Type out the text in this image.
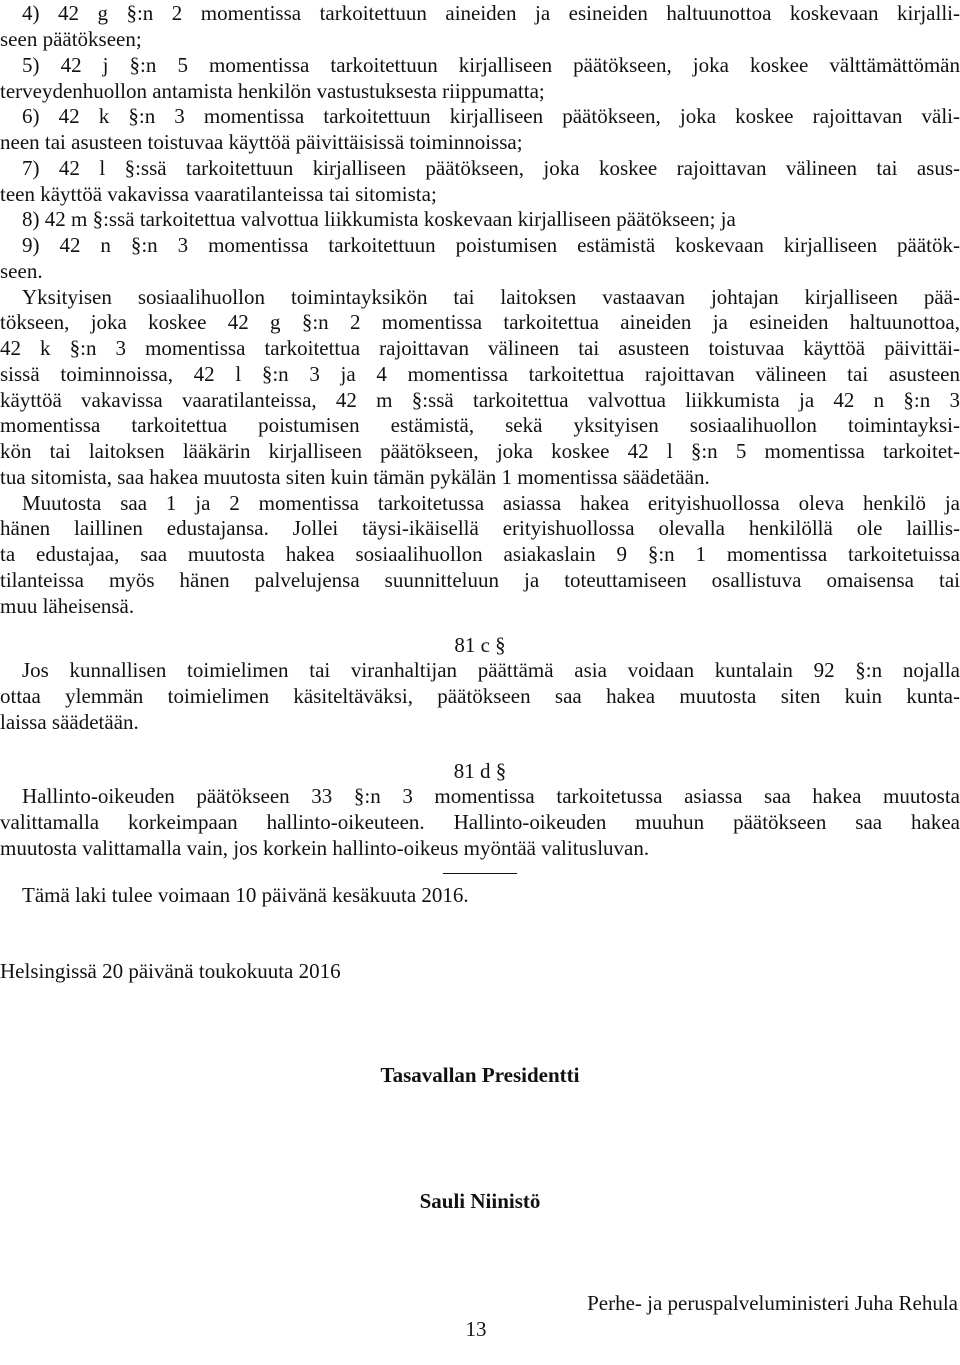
4) 42 g §:n 2 momentissa tarkoitettuun aineiden ja esineiden haltuunottoa koskevaan kirjalli-

seen päätökseen;

5) 42 j §:n 5 momentissa tarkoitettuun kirjalliseen päätökseen, joka koskee välttämättömän

terveydenhuollon antamista henkilön vastustuksesta riippumatta;

6) 42 k §:n 3 momentissa tarkoitettuun kirjalliseen päätökseen, joka koskee rajoittavan väli-

neen tai asusteen toistuvaa käyttöä päivittäisissä toiminnoissa;

7) 42 l §:ssä tarkoitettuun kirjalliseen päätökseen, joka koskee rajoittavan välineen tai asus-

teen käyttöä vakavissa vaaratilanteissa tai sitomista;

8) 42 m §:ssä tarkoitettua valvottua liikkumista koskevaan kirjalliseen päätökseen; ja

9) 42 n §:n 3 momentissa tarkoitettuun poistumisen estämistä koskevaan kirjalliseen päätök-

seen.

Yksityisen sosiaalihuollon toimintayksikön tai laitoksen vastaavan johtajan kirjalliseen pää-

tökseen, joka koskee 42 g §:n 2 momentissa tarkoitettua aineiden ja esineiden haltuunottoa,

42 k §:n 3 momentissa tarkoitettua rajoittavan välineen tai asusteen toistuvaa käyttöä päivittäi-

sissä toiminnoissa, 42 l §:n 3 ja 4 momentissa tarkoitettua rajoittavan välineen tai asusteen

käyttöä vakavissa vaaratilanteissa, 42 m §:ssä tarkoitettua valvottua liikkumista ja 42 n §:n 3

momentissa tarkoitettua poistumisen estämistä, sekä yksityisen sosiaalihuollon toimintayksi-

kön tai laitoksen lääkärin kirjalliseen päätökseen, joka koskee 42 l §:n 5 momentissa tarkoitet-

tua sitomista, saa hakea muutosta siten kuin tämän pykälän 1 momentissa säädetään.

Muutosta saa 1 ja 2 momentissa tarkoitetussa asiassa hakea erityishuollossa oleva henkilö ja

hänen laillinen edustajansa. Jollei täysi-ikäisellä erityishuollossa olevalla henkilöllä ole laillis-

ta edustajaa, saa muutosta hakea sosiaalihuollon asiakaslain 9 §:n 1 momentissa tarkoitetuissa

tilanteissa myös hänen palvelujensa suunnitteluun ja toteuttamiseen osallistuva omaisensa tai

muu läheisensä.

81 c §

Jos kunnallisen toimielimen tai viranhaltijan päättämä asia voidaan kuntalain 92 §:n nojalla

ottaa ylemmän toimielimen käsiteltäväksi, päätökseen saa hakea muutosta siten kuin kunta-

laissa säädetään.

81 d §

Hallinto-oikeuden päätökseen 33 §:n 3 momentissa tarkoitetussa asiassa saa hakea muutosta

valittamalla korkeimpaan hallinto-oikeuteen. Hallinto-oikeuden muuhun päätökseen saa hakea

muutosta valittamalla vain, jos korkein hallinto-oikeus myöntää valitusluvan.

Tämä laki tulee voimaan 10 päivänä kesäkuuta 2016.

Helsingissä 20 päivänä toukokuuta 2016

Tasavallan Presidentti
Sauli Niinistö
Perhe- ja peruspalveluministeri Juha Rehula
13
